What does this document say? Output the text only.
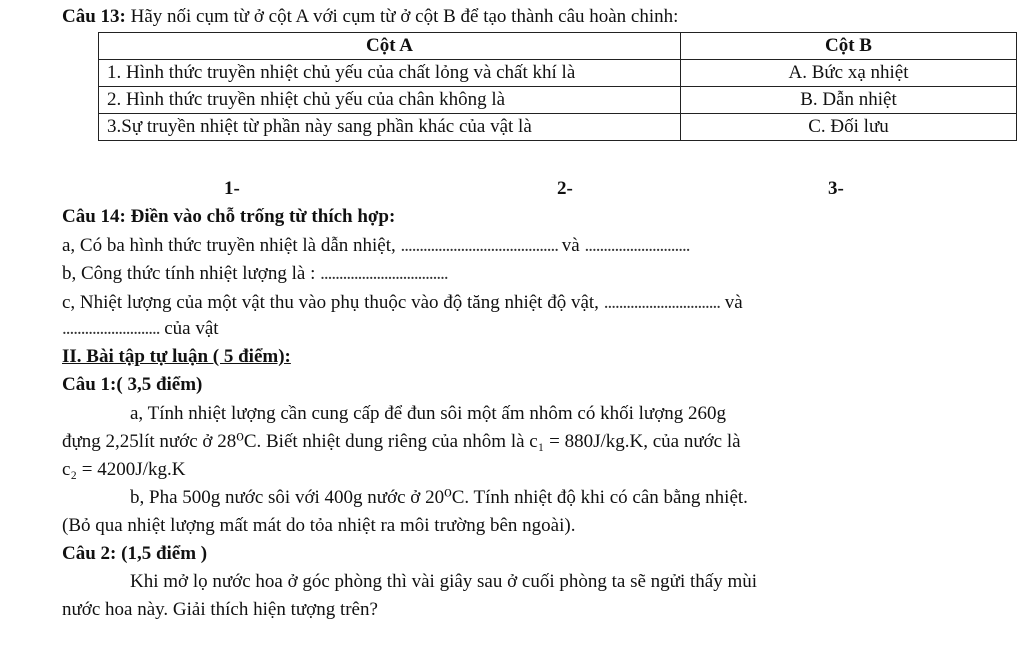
Câu 13: Hãy nối cụm từ ở cột A với cụm từ ở cột B để tạo thành câu hoàn chinh:
Cột A	Cột B
1. Hình thức truyền nhiệt chủ yếu của chất lỏng và chất khí là	A. Bức xạ nhiệt
2. Hình thức truyền nhiệt chủ yếu của chân không là	B. Dẫn nhiệt
3.Sự truyền nhiệt từ phần này sang phần khác của vật là	C. Đối lưu
1-	2-	3-
Câu 14: Điền vào chỗ trống từ thích hợp:
a, Có ba hình thức truyền nhiệt là dẫn nhiệt, .......................................... và ............................
b, Công thức tính nhiệt lượng là : ..................................
c, Nhiệt lượng của một vật thu vào phụ thuộc vào độ tăng nhiệt độ vật, ............................... và
.......................... của vật
II. Bài tập tự luận ( 5 điểm):
Câu 1:( 3,5 điểm)
a, Tính nhiệt lượng cần cung cấp để đun sôi một ấm nhôm có khối lượng 260g
đựng 2,25lít nước ở 28⁰C. Biết nhiệt dung riêng của nhôm là c₁ = 880J/kg.K, của nước là
c₂ = 4200J/kg.K
b, Pha 500g nước sôi với 400g nước ở 20⁰C. Tính nhiệt độ khi có cân bằng nhiệt.
(Bỏ qua nhiệt lượng mất mát do tỏa nhiệt ra môi trường bên ngoài).
Câu 2: (1,5 điểm )
Khi mở lọ nước hoa ở góc phòng thì vài giây sau ở cuối phòng ta sẽ ngửi thấy mùi
nước hoa này. Giải thích hiện tượng trên?
